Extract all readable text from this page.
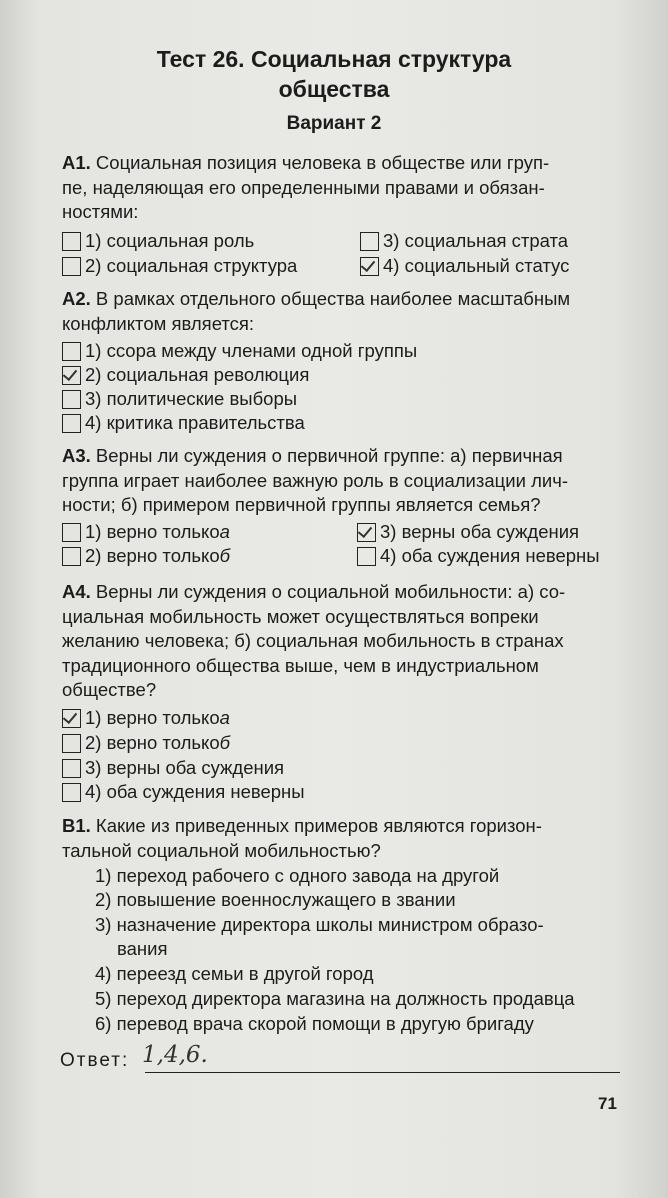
Тест 26. Социальная структура
общества
Вариант 2
А1. Социальная позиция человека в обществе или груп-
пе, наделяющая его определенными правами и обязан-
ностями:
1) социальная роль
2) социальная структура
3) социальная страта
4) социальный статус
А2. В рамках отдельного общества наиболее масштабным
конфликтом является:
1) ссора между членами одной группы
2) социальная революция
3) политические выборы
4) критика правительства
А3. Верны ли суждения о первичной группе: а) первичная
группа играет наиболее важную роль в социализации лич-
ности; б) примером первичной группы является семья?
1) верно только а
2) верно только б
3) верны оба суждения
4) оба суждения неверны
А4. Верны ли суждения о социальной мобильности: а) со-
циальная мобильность может осуществляться вопреки
желанию человека; б) социальная мобильность в странах
традиционного общества выше, чем в индустриальном
обществе?
1) верно только а
2) верно только б
3) верны оба суждения
4) оба суждения неверны
В1. Какие из приведенных примеров являются горизон-
тальной социальной мобильностью?
1) переход рабочего с одного завода на другой
2) повышение военнослужащего в звании
3) назначение директора школы министром образо-
вания
4) переезд семьи в другой город
5) переход директора магазина на должность продавца
6) перевод врача скорой помощи в другую бригаду
Ответ: 1,4,6.
71
